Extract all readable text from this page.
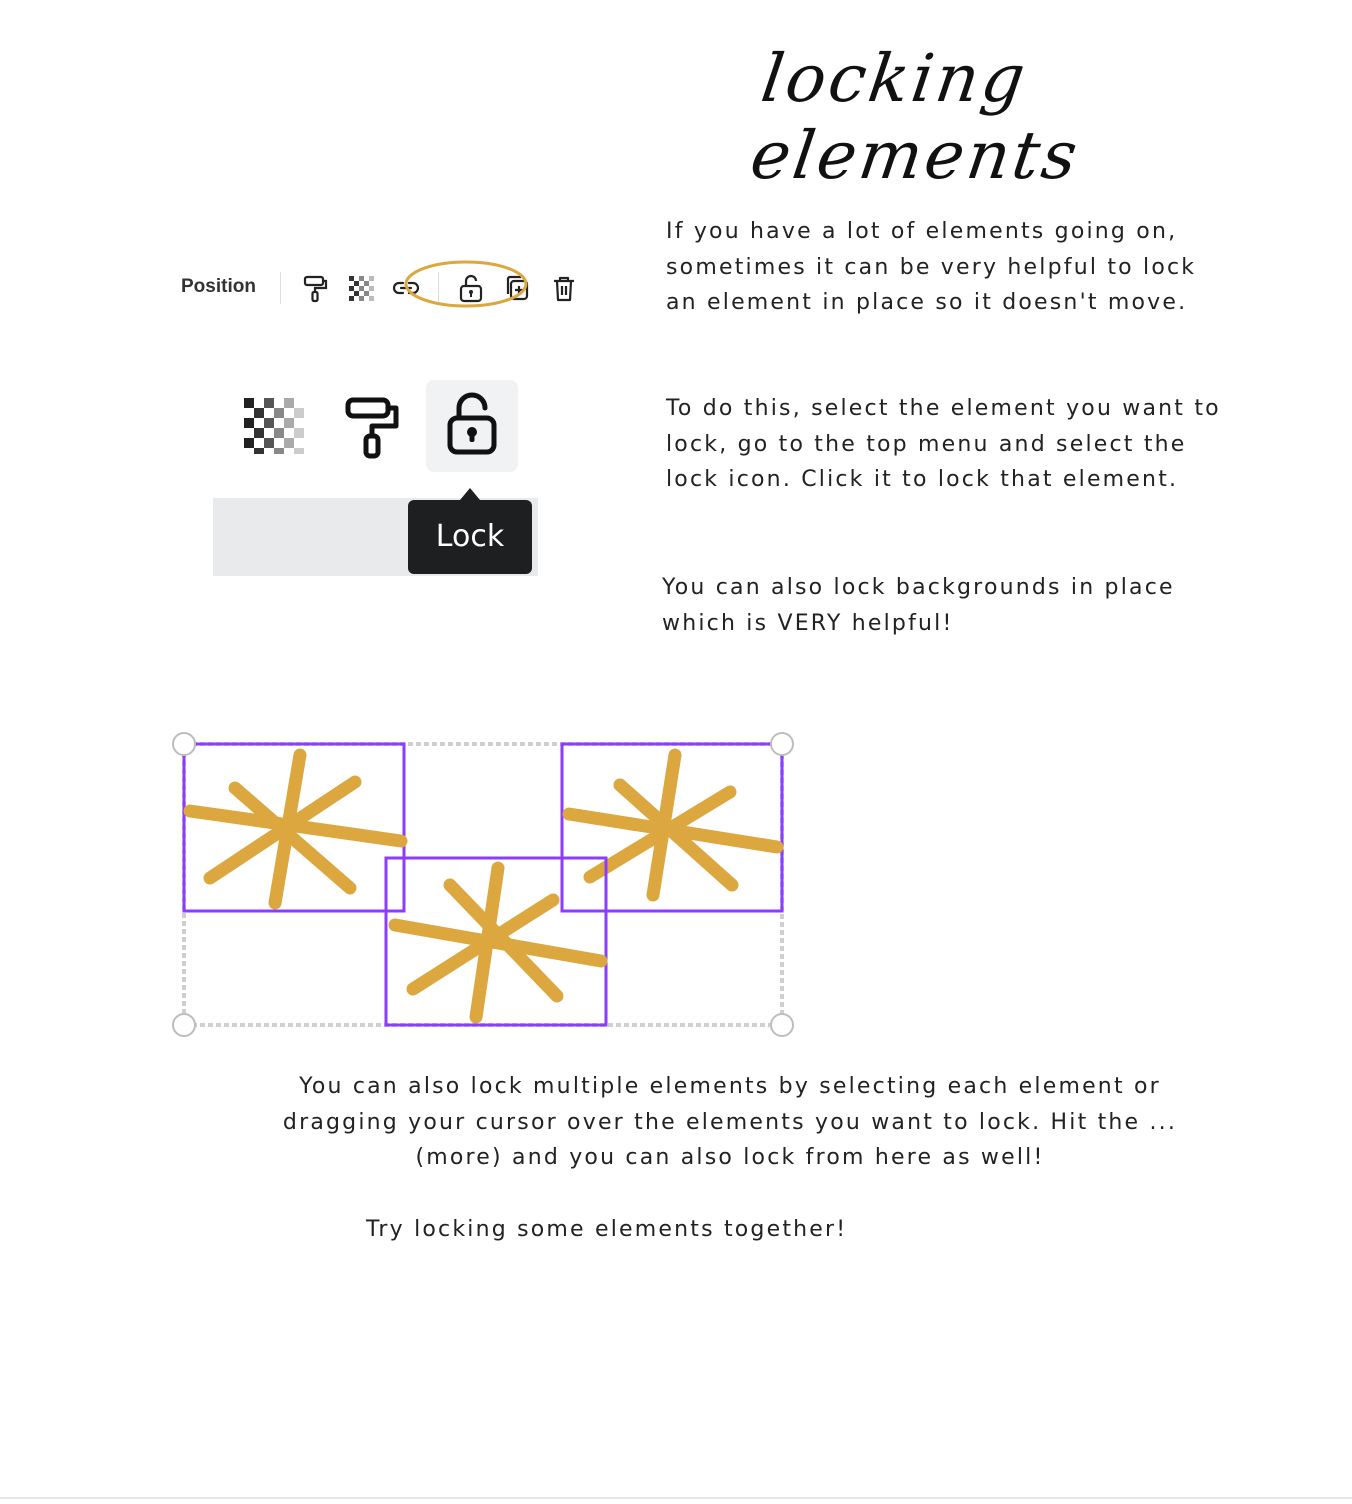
locking elements
Position
Lock

If you have a lot of elements going on, sometimes it can be very helpful to lock an element in place so it doesn't move.

To do this, select the element you want to lock, go to the top menu and select the lock icon. Click it to lock that element.

You can also lock backgrounds in place which is VERY helpful!

You can also lock multiple elements by selecting each element or
dragging your cursor over the elements you want to lock. Hit the ...
(more) and you can also lock from here as well!

Try locking some elements together!
